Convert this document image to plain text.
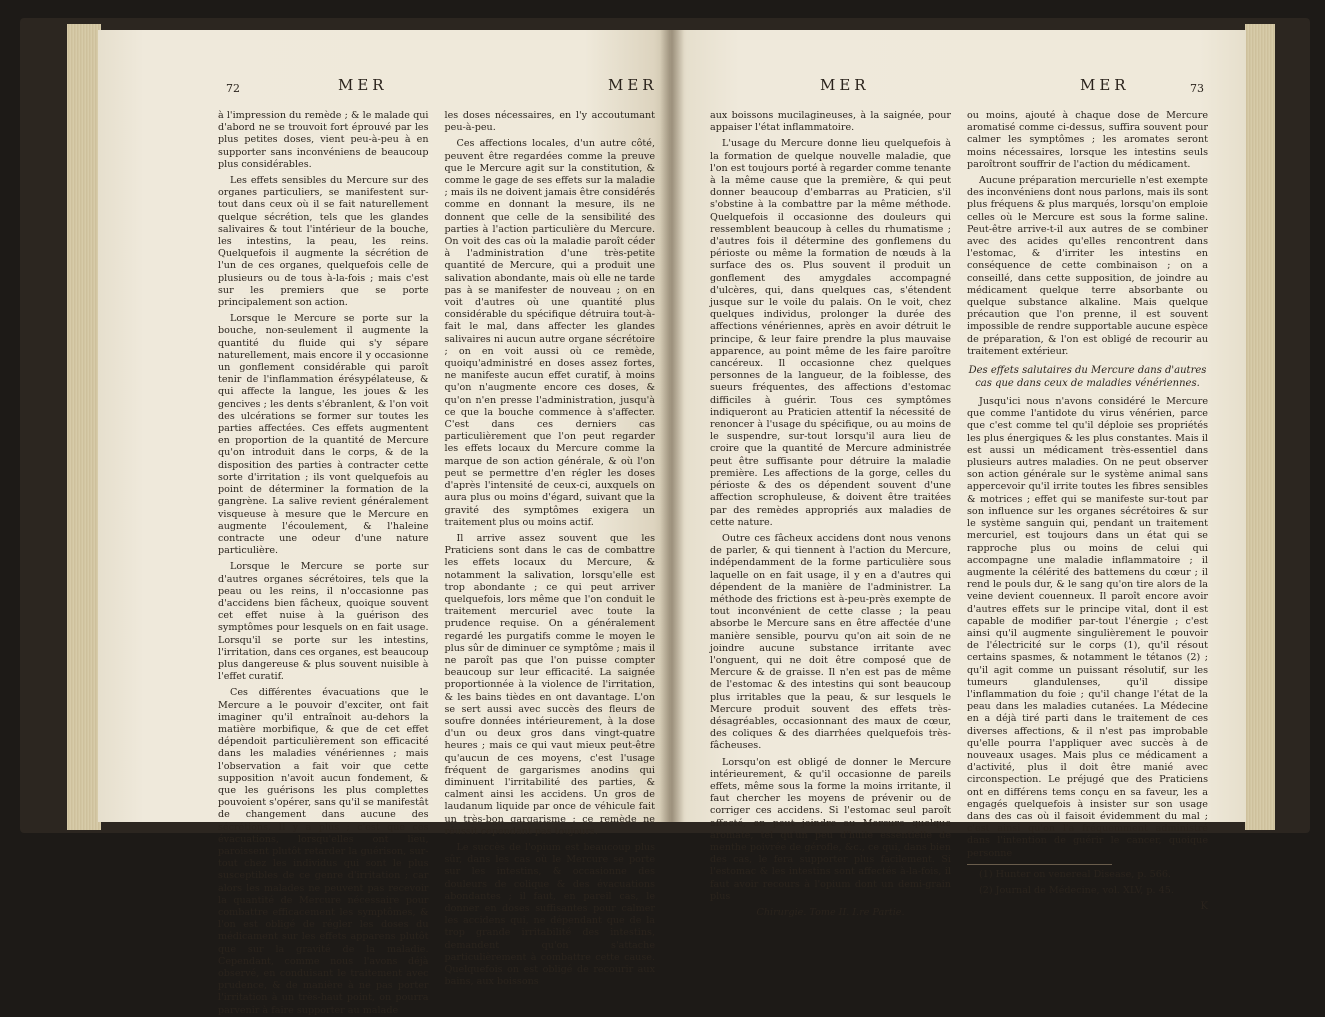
72	MER	MER

à l'impression du remède ; & le malade qui d'abord ne se trouvoit fort éprouvé par les plus petites doses, vient peu-à-peu à en supporter sans inconvéniens de beaucoup plus considérables.

Les effets sensibles du Mercure sur des organes particuliers, se manifestent sur-tout dans ceux où il se fait naturellement quelque sécrétion, tels que les glandes salivaires & tout l'intérieur de la bouche, les intestins, la peau, les reins. Quelquefois il augmente la sécrétion de l'un de ces organes, quelquefois celle de plusieurs ou de tous à-la-fois ; mais c'est sur les premiers que se porte principalement son action.

Lorsque le Mercure se porte sur la bouche, non-seulement il augmente la quantité du fluide qui s'y sépare naturellement, mais encore il y occasionne un gonflement considérable qui paroît tenir de l'inflammation érésypélateuse, & qui affecte la langue, les joues & les gencives ; les dents s'ébranlent, & l'on voit des ulcérations se former sur toutes les parties affectées. Ces effets augmentent en proportion de la quantité de Mercure qu'on introduit dans le corps, & de la disposition des parties à contracter cette sorte d'irritation ; ils vont quelquefois au point de déterminer la formation de la gangrène. La salive revient généralement visqueuse à mesure que le Mercure en augmente l'écoulement, & l'haleine contracte une odeur d'une nature particulière.

Lorsque le Mercure se porte sur d'autres organes sécrétoires, tels que la peau ou les reins, il n'occasionne pas d'accidens bien fâcheux, quoique souvent cet effet nuise à la guérison des symptômes pour lesquels on en fait usage. Lorsqu'il se porte sur les intestins, l'irritation, dans ces organes, est beaucoup plus dangereuse & plus souvent nuisible à l'effet curatif.

Ces différentes évacuations que le Mercure a le pouvoir d'exciter, ont fait imaginer qu'il entraînoit au-dehors la matière morbifique, & que de cet effet dépendoit particulièrement son efficacité dans les maladies vénériennes ; mais l'observation a fait voir que cette supposition n'avoit aucun fondement, & que les guérisons les plus complettes pouvoient s'opérer, sans qu'il se manifestât de changement dans aucune des sécrétions. Il y a plus ; c'est que ces évacuations, lorsqu'elles ont lieu, paroissent plutôt retarder la guérison, sur-tout chez les individus qui sont le plus susceptibles de ce genre d'irritation ; car alors les malades ne peuvent pas recevoir la quantité de Mercure nécessaire pour combattre efficacement les symptômes, & l'on est obligé de régler les doses du médicament sur les effets apparens plutôt que sur la gravité de la maladie. Cependant, comme nous l'avons déjà observé, en conduisant le traitement avec prudence, & de manière à ne pas porter l'irritation à un très-haut point, on pourra parvenir à faire supporter au malade

les doses nécessaires, en l'y accoutumant peu-à-peu.

Ces affections locales, d'un autre côté, peuvent être regardées comme la preuve que le Mercure agit sur la constitution, & comme le gage de ses effets sur la maladie ; mais ils ne doivent jamais être considérés comme en donnant la mesure, ils ne donnent que celle de la sensibilité des parties à l'action particulière du Mercure. On voit des cas où la maladie paroît céder à l'administration d'une très-petite quantité de Mercure, qui a produit une salivation abondante, mais où elle ne tarde pas à se manifester de nouveau ; on en voit d'autres où une quantité plus considérable du spécifique détruira tout-à-fait le mal, dans affecter les glandes salivaires ni aucun autre organe sécrétoire ; on en voit aussi où ce remède, quoiqu'administré en doses assez fortes, ne manifeste aucun effet curatif, à moins qu'on n'augmente encore ces doses, & qu'on n'en presse l'administration, jusqu'à ce que la bouche commence à s'affecter. C'est dans ces derniers cas particulièrement que l'on peut regarder les effets locaux du Mercure comme la marque de son action générale, & où l'on peut se permettre d'en régler les doses d'après l'intensité de ceux-ci, auxquels on aura plus ou moins d'égard, suivant que la gravité des symptômes exigera un traitement plus ou moins actif.

Il arrive assez souvent que les Praticiens sont dans le cas de combattre les effets locaux du Mercure, & notamment la salivation, lorsqu'elle est trop abondante ; ce qui peut arriver quelquefois, lors même que l'on conduit le traitement mercuriel avec toute la prudence requise. On a généralement regardé les purgatifs comme le moyen le plus sûr de diminuer ce symptôme ; mais il ne paroît pas que l'on puisse compter beaucoup sur leur efficacité. La saignée proportionnée à la violence de l'irritation, & les bains tièdes en ont davantage. L'on se sert aussi avec succès des fleurs de soufre données intérieurement, à la dose d'un ou deux gros dans vingt-quatre heures ; mais ce qui vaut mieux peut-être qu'aucun de ces moyens, c'est l'usage fréquent de gargarismes anodins qui diminuent l'irritabilité des parties, & calment ainsi les accidens. Un gros de laudanum liquide par once de véhicule fait un très-bon gargarisme ; ce remède ne réussit cependant pas toujours.

Le succès de l'opium est beaucoup plus sûr, dans les cas où le Mercure se porte sur les intestins, & occasionne des douleurs de colique & des évacuations abondantes ; il faut, en pareil cas, le donner en doses suffisantes pour calmer les accidens qui, ne dépendant que de la trop grande irritabilité des intestins, demandent qu'on s'attache particulièrement à combattre cette cause. Quelquefois on est obligé de recourir aux bains, aux boissons

MER	MER	73

aux boissons mucilagineuses, à la saignée, pour appaiser l'état inflammatoire.

L'usage du Mercure donne lieu quelquefois à la formation de quelque nouvelle maladie, que l'on est toujours porté à regarder comme tenante à la même cause que la première, & qui peut donner beaucoup d'embarras au Praticien, s'il s'obstine à la combattre par la même méthode. Quelquefois il occasionne des douleurs qui ressemblent beaucoup à celles du rhumatisme ; d'autres fois il détermine des gonflemens du périoste ou même la formation de nœuds à la surface des os. Plus souvent il produit un gonflement des amygdales accompagné d'ulcères, qui, dans quelques cas, s'étendent jusque sur le voile du palais. On le voit, chez quelques individus, prolonger la durée des affections vénériennes, après en avoir détruit le principe, & leur faire prendre la plus mauvaise apparence, au point même de les faire paroître cancéreux. Il occasionne chez quelques personnes de la langueur, de la foiblesse, des sueurs fréquentes, des affections d'estomac difficiles à guérir. Tous ces symptômes indiqueront au Praticien attentif la nécessité de renoncer à l'usage du spécifique, ou au moins de le suspendre, sur-tout lorsqu'il aura lieu de croire que la quantité de Mercure administrée peut être suffisante pour détruire la maladie première. Les affections de la gorge, celles du périoste & des os dépendent souvent d'une affection scrophuleuse, & doivent être traitées par des remèdes appropriés aux maladies de cette nature.

Outre ces fâcheux accidens dont nous venons de parler, & qui tiennent à l'action du Mercure, indépendamment de la forme particulière sous laquelle on en fait usage, il y en a d'autres qui dépendent de la manière de l'administrer. La méthode des frictions est à-peu-près exempte de tout inconvénient de cette classe ; la peau absorbe le Mercure sans en être affectée d'une manière sensible, pourvu qu'on ait soin de ne joindre aucune substance irritante avec l'onguent, qui ne doit être composé que de Mercure & de graisse. Il n'en est pas de même de l'estomac & des intestins qui sont beaucoup plus irritables que la peau, & sur lesquels le Mercure produit souvent des effets très-désagréables, occasionnant des maux de cœur, des coliques & des diarrhées quelquefois très-fâcheuses.

Lorsqu'on est obligé de donner le Mercure intérieurement, & qu'il occasionne de pareils effets, même sous la forme la moins irritante, il faut chercher les moyens de prévenir ou de corriger ces accidens. Si l'estomac seul paroît affecté, on peut joindre au Mercure quelque aromate, tel qu'un peu d'huile essentielle de menthe poivrée de gérofle, &c., ce qui, dans bien des cas, le fera supporter plus facilement. Si l'estomac & les intestins sont affectés à-la-fois, il faut avoir recours à l'opium dont un demi-grain plus

Chirurgie. Tome II. I.re Partie.

ou moins, ajouté à chaque dose de Mercure aromatisé comme ci-dessus, suffira souvent pour calmer les symptômes ; les aromates seront moins nécessaires, lorsque les intestins seuls paroîtront souffrir de l'action du médicament.

Aucune préparation mercurielle n'est exempte des inconvéniens dont nous parlons, mais ils sont plus fréquens & plus marqués, lorsqu'on emploie celles où le Mercure est sous la forme saline. Peut-être arrive-t-il aux autres de se combiner avec des acides qu'elles rencontrent dans l'estomac, & d'irriter les intestins en conséquence de cette combinaison ; on a conseillé, dans cette supposition, de joindre au médicament quelque terre absorbante ou quelque substance alkaline. Mais quelque précaution que l'on prenne, il est souvent impossible de rendre supportable aucune espèce de préparation, & l'on est obligé de recourir au traitement extérieur.

Des effets salutaires du Mercure dans d'autres cas que dans ceux de maladies vénériennes.

Jusqu'ici nous n'avons considéré le Mercure que comme l'antidote du virus vénérien, parce que c'est comme tel qu'il déploie ses propriétés les plus énergiques & les plus constantes. Mais il est aussi un médicament très-essentiel dans plusieurs autres maladies. On ne peut observer son action générale sur le système animal sans appercevoir qu'il irrite toutes les fibres sensibles & motrices ; effet qui se manifeste sur-tout par son influence sur les organes sécrétoires & sur le système sanguin qui, pendant un traitement mercuriel, est toujours dans un état qui se rapproche plus ou moins de celui qui accompagne une maladie inflammatoire ; il augmente la célérité des battemens du cœur ; il rend le pouls dur, & le sang qu'on tire alors de la veine devient couenneux. Il paroît encore avoir d'autres effets sur le principe vital, dont il est capable de modifier par-tout l'énergie ; c'est ainsi qu'il augmente singulièrement le pouvoir de l'électricité sur le corps (1), qu'il résout certains spasmes, & notamment le tétanos (2) ; qu'il agit comme un puissant résolutif, sur les tumeurs glandulenses, qu'il dissipe l'inflammation du foie ; qu'il change l'état de la peau dans les maladies cutanées. La Médecine en a déjà tiré parti dans le traitement de ces diverses affections, & il n'est pas improbable qu'elle pourra l'appliquer avec succès à de nouveaux usages. Mais plus ce médicament a d'activité, plus il doit être manié avec circonspection. Le préjugé que des Praticiens ont en différens tems conçu en sa faveur, les a engagés quelquefois à insister sur son usage dans des cas où il faisoit évidemment du mal ; c'est ainsi qu'on l'a fréquemment administré dans l'intention de guérir le cancer, quoique personne

(1) Hunter on venereal Disease, p. 566.

(2) Journal de Médecine, vol. XLV, p. 45.

K
